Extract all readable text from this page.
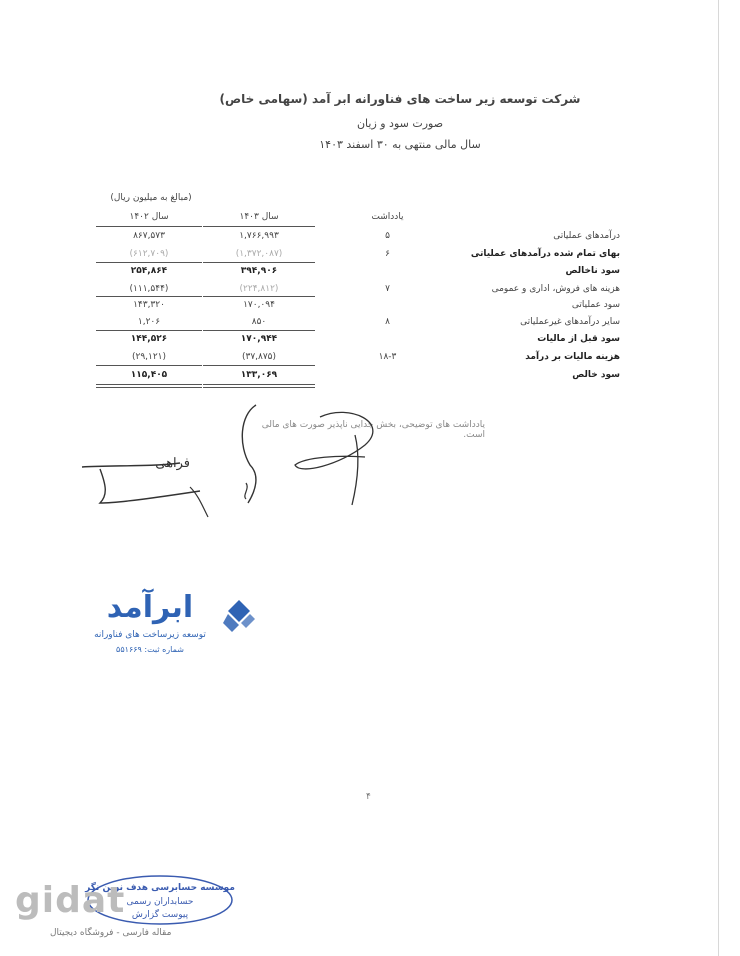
شرکت توسعه زیر ساخت های فناورانه ابر آمد (سهامی خاص)
صورت سود و زیان
سال مالی منتهی به ۳۰ اسفند ۱۴۰۳
(مبالغ به میلیون ریال)
سال ۱۴۰۲	سال ۱۴۰۳	یادداشت
درآمدهای عملیاتی
۵
۱,۷۶۶,۹۹۳
۸۶۷,۵۷۳
بهای تمام شده درآمدهای عملیاتی
۶
(۱,۳۷۲,۰۸۷)
(۶۱۲,۷۰۹)
سود ناخالص
۳۹۴,۹۰۶
۲۵۴,۸۶۴
هزینه های فروش، اداری و عمومی
۷
(۲۲۴,۸۱۲)
(۱۱۱,۵۴۴)
سود عملیاتی
۱۷۰,۰۹۴
۱۴۳,۳۲۰
سایر درآمدهای غیرعملیاتی
۸
۸۵۰
۱,۲۰۶
سود قبل از مالیات
۱۷۰,۹۴۴
۱۴۴,۵۲۶
هزینه مالیات بر درآمد
۱۸-۳
(۳۷,۸۷۵)
(۲۹,۱۲۱)
سود خالص
۱۳۳,۰۶۹
۱۱۵,۴۰۵
یادداشت های توضیحی، بخش جدایی ناپذیر صورت های مالی است.
فراهی
ابرآمد
توسعه زیرساخت های فناورانه
شماره ثبت: ۵۵۱۶۶۹
۴
موسسه حسابرسی هدف نوین نگر
حسابداران رسمی
پیوست گزارش
gidat
مقاله فارسی - فروشگاه دیجیتال
